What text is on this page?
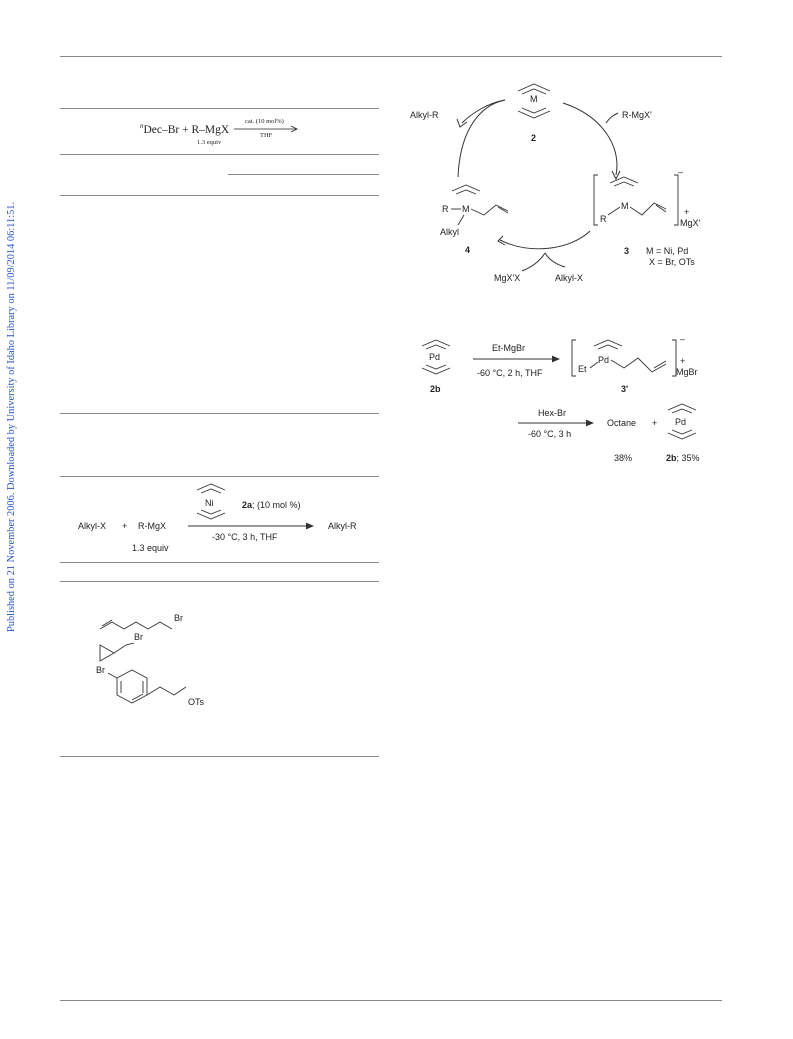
Published on 21 November 2006. Downloaded by University of Idaho Library on 11/09/2014 06:11:51.
$^n$Dec–Br + R–MgX
1.3 equiv
cat. (10 mol%)
THF
M
2
Alkyl-R	R-MgX'
R M
Alkyl
4
R
M
–
+
MgX'
3 M = Ni, Pd
X = Br, OTs
MgX'X	Alkyl-X
Pd
2b
Et-MgBr
-60 °C, 2 h, THF	Et
Pd
–
+
MgBr
3'
Hex-Br
-60 °C, 3 h
Octane + Pd
38%	2b; 35%
Alkyl-X + R-MgX
1.3 equiv
Ni	2a; (10 mol %)
-30 °C, 3 h, THF
Alkyl-R
Br
Br
Br
OTs
